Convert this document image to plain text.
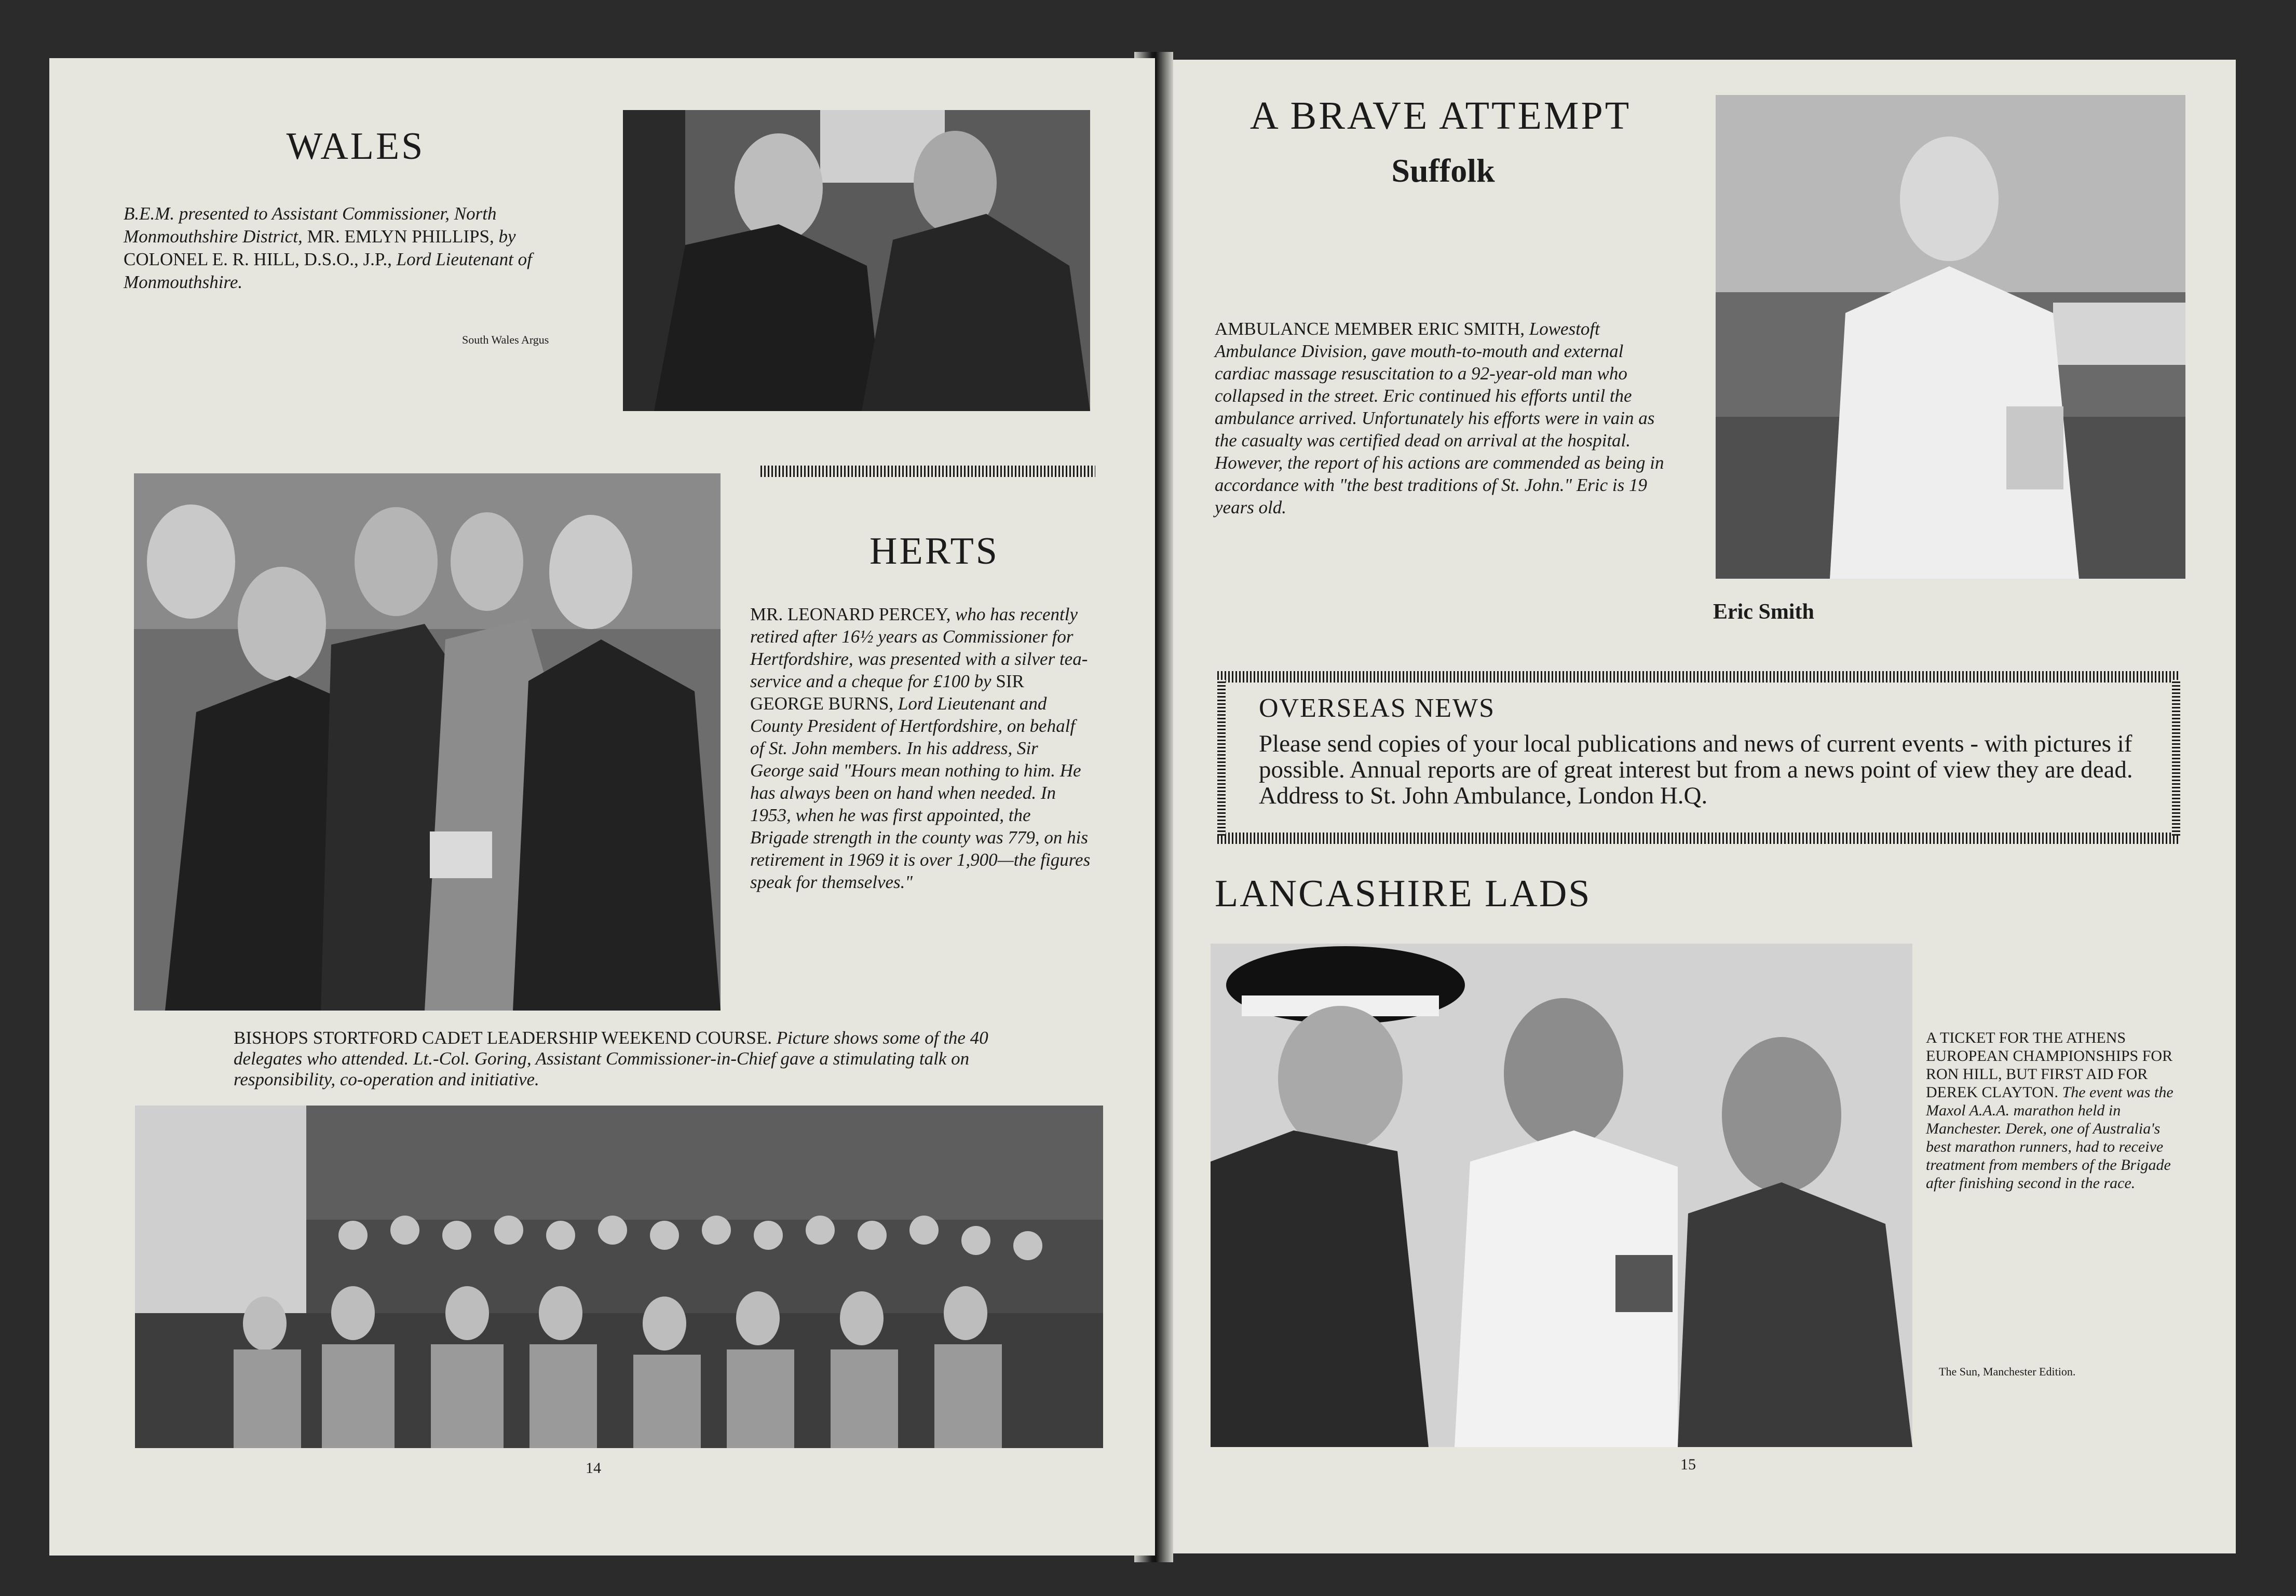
WALES
B.E.M. presented to Assistant Commissioner, North Monmouthshire District, MR. EMLYN PHILLIPS, by COLONEL E. R. HILL, D.S.O., J.P., Lord Lieutenant of Monmouthshire.
South Wales Argus
HERTS
MR. LEONARD PERCEY, who has recently retired after 16½ years as Commissioner for Hertfordshire, was presented with a silver tea-service and a cheque for £100 by SIR GEORGE BURNS, Lord Lieutenant and County President of Hertfordshire, on behalf of St. John members. In his address, Sir George said "Hours mean nothing to him. He has always been on hand when needed. In 1953, when he was first appointed, the Brigade strength in the county was 779, on his retirement in 1969 it is over 1,900—the figures speak for themselves."
BISHOPS STORTFORD CADET LEADERSHIP WEEKEND COURSE. Picture shows some of the 40 delegates who attended. Lt.-Col. Goring, Assistant Commissioner-in-Chief gave a stimulating talk on responsibility, co-operation and initiative.
14
A BRAVE ATTEMPT
Suffolk
AMBULANCE MEMBER ERIC SMITH, Lowestoft Ambulance Division, gave mouth-to-mouth and external cardiac massage resuscitation to a 92-year-old man who collapsed in the street. Eric continued his efforts until the ambulance arrived. Unfortunately his efforts were in vain as the casualty was certified dead on arrival at the hospital. However, the report of his actions are commended as being in accordance with "the best traditions of St. John." Eric is 19 years old.
Eric Smith
OVERSEAS NEWS
Please send copies of your local publications and news of current events - with pictures if possible. Annual reports are of great interest but from a news point of view they are dead. Address to St. John Ambulance, London H.Q.
LANCASHIRE LADS
A TICKET FOR THE ATHENS EUROPEAN CHAMPIONSHIPS FOR RON HILL, BUT FIRST AID FOR DEREK CLAYTON. The event was the Maxol A.A.A. marathon held in Manchester. Derek, one of Australia's best marathon runners, had to receive treatment from members of the Brigade after finishing second in the race.
The Sun, Manchester Edition.
15
